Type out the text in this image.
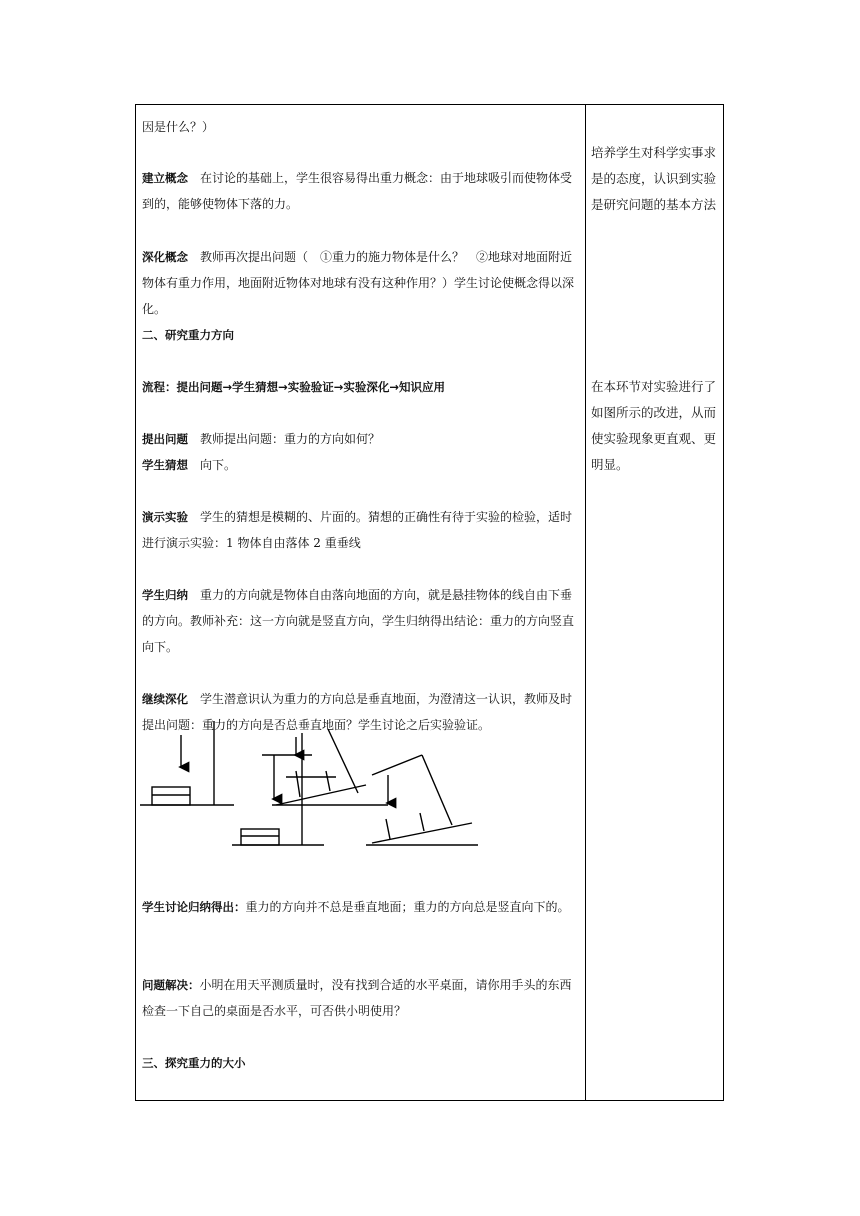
因是什么？）

建立概念　 在讨论的基础上，学生很容易得出重力概念：由于地球吸引而使物体受到的，能够使物体下落的力。

深化概念　 教师再次提出问题（　①重力的施力物体是什么？　②地球对地面附近物体有重力作用，地面附近物体对地球有没有这种作用？）学生讨论使概念得以深化。

二、研究重力方向

流程：提出问题→学生猜想→实验验证→实验深化→知识应用

提出问题　 教师提出问题：重力的方向如何？

学生猜想　 向下。

演示实验　 学生的猜想是模糊的、片面的。猜想的正确性有待于实验的检验，适时进行演示实验：1 物体自由落体 2 重垂线

学生归纳　 重力的方向就是物体自由落向地面的方向，就是悬挂物体的线自由下垂的方向。教师补充：这一方向就是竖直方向，学生归纳得出结论：重力的方向竖直向下。

继续深化　 学生潜意识认为重力的方向总是垂直地面，为澄清这一认识，教师及时提出问题：重力的方向是否总垂直地面？学生讨论之后实验验证。

学生讨论归纳得出：重力的方向并不总是垂直地面；重力的方向总是竖直向下的。

问题解决：小明在用天平测质量时，没有找到合适的水平桌面，请你用手头的东西检查一下自己的桌面是否水平，可否供小明使用？

三、探究重力的大小

培养学生对科学实事求是的态度，认识到实验是研究问题的基本方法

在本环节对实验进行了如图所示的改进，从而使实验现象更直观、更明显。
